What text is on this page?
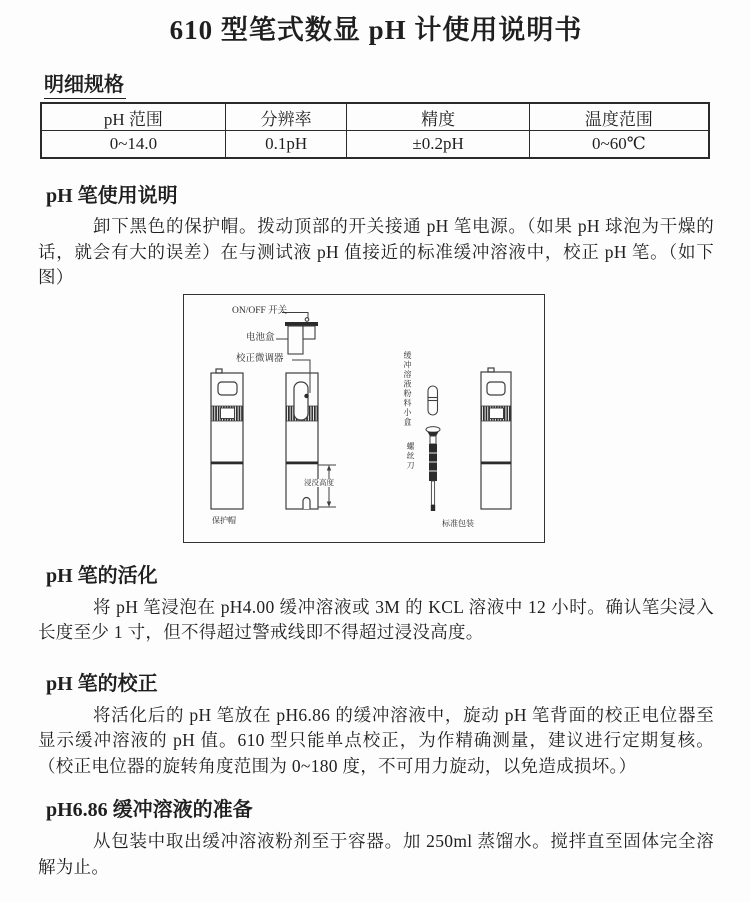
610 型笔式数显 pH 计使用说明书
明细规格
pH 范围	分辨率	精度	温度范围
0~14.0	0.1pH	±0.2pH	0~60℃
pH 笔使用说明

卸下黑色的保护帽。拨动顶部的开关接通 pH 笔电源。（如果 pH 球泡为干燥的话，就会有大的误差）在与测试液 pH 值接近的标准缓冲溶液中，校正 pH 笔。（如下图）

ON/OFF 开关
电池盒
校正微调器
浸没高度
保护帽
缓冲溶液粉料小盒
螺丝刀
标准包装
pH 笔的活化

将 pH 笔浸泡在 pH4.00 缓冲溶液或 3M 的 KCL 溶液中 12 小时。确认笔尖浸入长度至少 1 寸，但不得超过警戒线即不得超过浸没高度。

pH 笔的校正

将活化后的 pH 笔放在 pH6.86 的缓冲溶液中，旋动 pH 笔背面的校正电位器至显示缓冲溶液的 pH 值。610 型只能单点校正，为作精确测量，建议进行定期复核。（校正电位器的旋转角度范围为 0~180 度，不可用力旋动，以免造成损坏。）

pH6.86 缓冲溶液的准备

从包装中取出缓冲溶液粉剂至于容器。加 250ml 蒸馏水。搅拌直至固体完全溶解为止。
